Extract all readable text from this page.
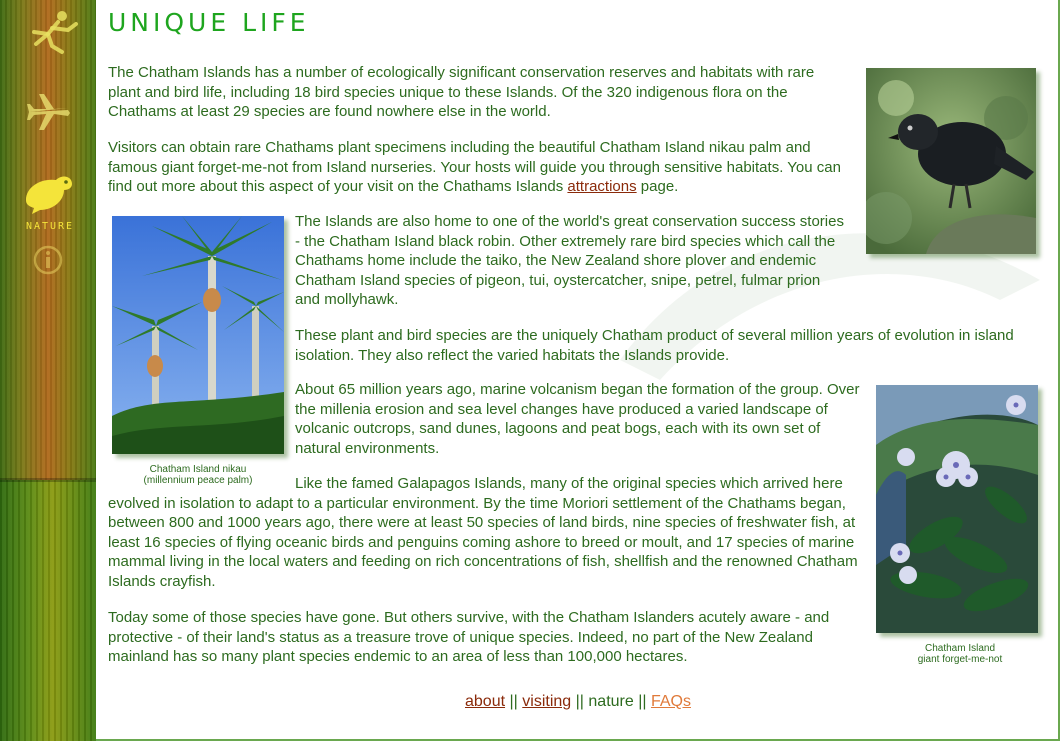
NATURE
UNIQUE LIFE

The Chatham Islands has a number of ecologically significant conservation reserves and habitats with rare plant and bird life, including 18 bird species unique to these Islands. Of the 320 indigenous flora on the Chathams at least 29 species are found nowhere else in the world.

Visitors can obtain rare Chathams plant specimens including the beautiful Chatham Island nikau palm and famous giant forget-me-not from Island nurseries. Your hosts will guide you through sensitive habitats. You can find out more about this aspect of your visit on the Chathams Islands attractions page.

Chatham Island nikau
(millennium peace palm)

The Islands are also home to one of the world's great conservation success stories - the Chatham Island black robin. Other extremely rare bird species which call the Chathams home include the taiko, the New Zealand shore plover and endemic Chatham Island species of pigeon, tui, oystercatcher, snipe, petrel, fulmar prion and mollyhawk.

These plant and bird species are the uniquely Chatham product of several million years of evolution in island isolation. They also reflect the varied habitats the Islands provide.

About 65 million years ago, marine volcanism began the formation of the group. Over the millenia erosion and sea level changes have produced a varied landscape of volcanic outcrops, sand dunes, lagoons and peat bogs, each with its own set of natural environments.

Chatham Island
giant forget-me-not

Like the famed Galapagos Islands, many of the original species which arrived here evolved in isolation to adapt to a particular environment. By the time Moriori settlement of the Chathams began, between 800 and 1000 years ago, there were at least 50 species of land birds, nine species of freshwater fish, at least 16 species of flying oceanic birds and penguins coming ashore to breed or moult, and 17 species of marine mammal living in the local waters and feeding on rich concentrations of fish, shellfish and the renowned Chatham Islands crayfish.

Today some of those species have gone. But others survive, with the Chatham Islanders acutely aware - and protective - of their land's status as a treasure trove of unique species. Indeed, no part of the New Zealand mainland has so many plant species endemic to an area of less than 100,000 hectares.

about || visiting || nature || FAQs
